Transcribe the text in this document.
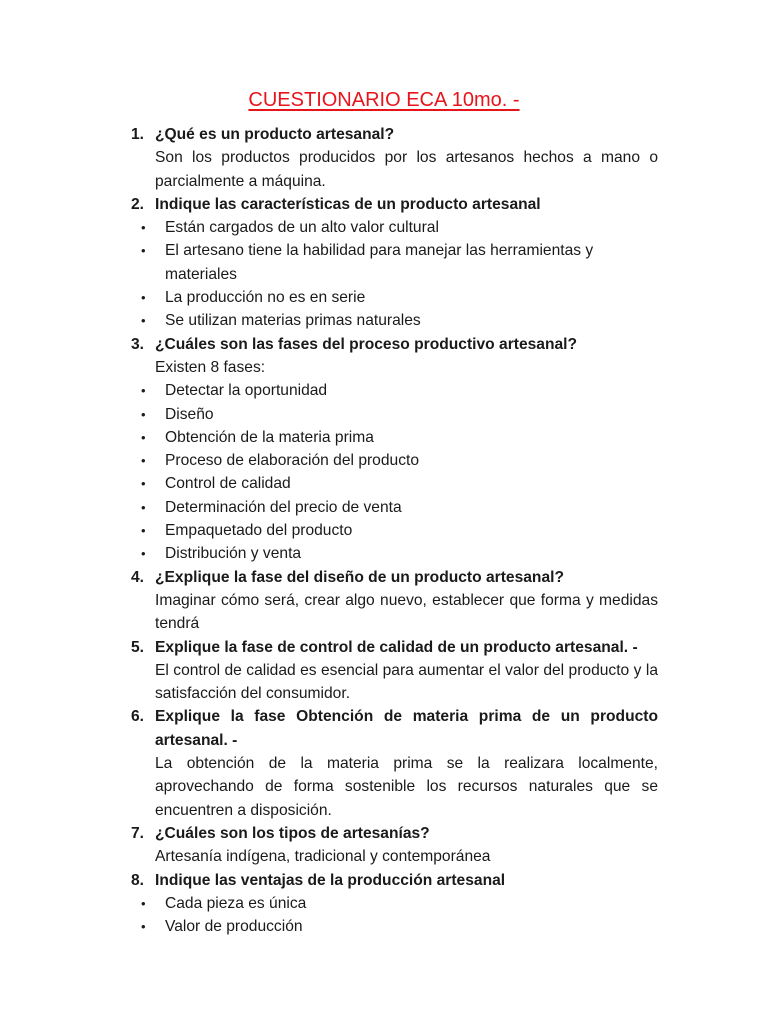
CUESTIONARIO ECA 10mo. -
1. ¿Qué es un producto artesanal?
Son los productos producidos por los artesanos hechos a mano o parcialmente a máquina.
2. Indique las características de un producto artesanal
• Están cargados de un alto valor cultural
• El artesano tiene la habilidad para manejar las herramientas y materiales
• La producción no es en serie
• Se utilizan materias primas naturales
3. ¿Cuáles son las fases del proceso productivo artesanal?
Existen 8 fases:
• Detectar la oportunidad
• Diseño
• Obtención de la materia prima
• Proceso de elaboración del producto
• Control de calidad
• Determinación del precio de venta
• Empaquetado del producto
• Distribución y venta
4. ¿Explique la fase del diseño de un producto artesanal?
Imaginar cómo será, crear algo nuevo, establecer que forma y medidas tendrá
5. Explique la fase de control de calidad de un producto artesanal. -
El control de calidad es esencial para aumentar el valor del producto y la satisfacción del consumidor.
6. Explique la fase Obtención de materia prima de un producto artesanal. -
La obtención de la materia prima se la realizara localmente, aprovechando de forma sostenible los recursos naturales que se encuentren a disposición.
7. ¿Cuáles son los tipos de artesanías?
Artesanía indígena, tradicional y contemporánea
8. Indique las ventajas de la producción artesanal
• Cada pieza es única
• Valor de producción
